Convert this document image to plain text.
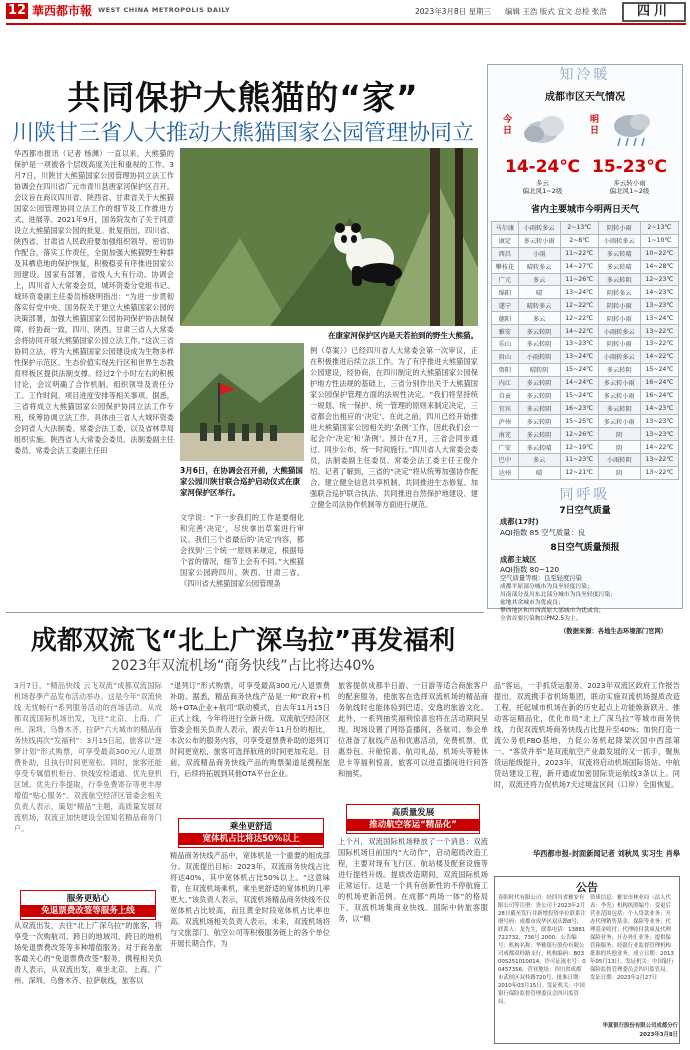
12 華西都市報 WEST CHINA METROPOLIS DAILY	2023年3月8日 星期三 编辑 王浩 版式 宜文 总检 张浩	四川
共同保护大熊猫的“家”
川陕甘三省人大推动大熊猫国家公园管理协同立
华西都市报讯（记者 杨渊）一直以来，大熊猫的保护是一项被各个层级高度关注和重视的工作。3月7日，川陕甘大熊猫国家公园管理协同立法工作协调会在四川省广元市青川县唐家河保护区召开。会议旨在商议四川省、陕西省、甘肃省关于大熊猫国家公园管理协同立法工作的细节及工作推进方式、进展等。2021年9月，国务院发布了关于同意设立大熊猫国家公园的批复。批复指出，四川省、陕西省、甘肃省人民政府要加强组织领导，密切协作配合，落实工作责任，全面加强大熊猫野生种群及其栖息地的保护恢复，积极稳妥有序推进国家公园建设。国家有部署，省级人大有行动。协调会上，四川省人大常委会员，城环资委分党组书记、城环资委副主任委员杨晓明指出：“为进一步贯彻落实好党中央、国务院关于建立大熊猫国家公园的决策部署，加强大熊猫国家公园协同保护协法制保障，经协商一致，四川、陕西、甘肃三省人大常委会将协同开展大熊猫国家公园立法工作。”这次三省协同立法，将为大熊猫国家公园建设成为生物多样性保护示范区、生态价值实现先行区和世界生态教育样板区提供法制支撑。经过2个小时左右的积极讨论，会议明确了合作机制、组织领导及责任分工、工作时间、项目进度安排等相关事项。据悉，三省将成立大熊猫国家公园保护协同立法工作专班，统筹协调立法工作。具体由三省人大城环资委会同省人大法制委、常委会法工委，以及省林草局组织实施。陕西省人大常委会委员、法制委副主任委员、常委会法工委副主任田
在康家河保护区内是天若拍到的野生大熊猫。
3月6日，在协调会召开前，大熊猫国家公园川陕甘联合巡护启动仪式在康家河保护区举行。
文学说：“下一步我们的工作是要细化和完善‘决定’，尽快拿出草案进行审议。我们三个省最后的‘决定’内容，都会找到‘三个统一’原则来规定，根据每个省的情况，细节上会有不同。”大熊猫国家公园跨四川、陕西、甘肃三省。《四川省大熊猫国家公园管理条
例（草案）》已经四川省人大常委会第一次审议，正在积极推进后续立法工作。为了有序推进大熊猫国家公园建设，经协商，在四川制定的大熊猫国家公园保护地方性法规的基础上，三省分别作出关于大熊猫国家公园保护管理方面的法规性决定。“我们将坚持统一规划、统一保护、统一管理的原则来制定决定，三省都会出相应的‘决定’。在此之前，四川已经开始推进大熊猫国家公园相关的‘条例’工作，因此我们会一起会介‘决定’和‘条例’。预计在7月，三省会同步通过、同步公布，统一时间施行。”四川省人大常委会委员，法制委副主任委员、常委会法工委主任王俊介绍。记者了解到，三省的“决定”将从统筹加强协作配合、建立健全信息共享机制、共同推进生态修复、加强联合巡护联合执法、共同推进自然保护地建设、建立健全司法协作机制等方面进行规范。
知冷暖
成都市区天气情况
今日
明日
14-24℃ 15-23℃
多云
偏北风1~2级
多云转小雨
偏北风1~2级
省内主要城市今明两日天气
马尔康	小雨转多云	2~13℃	阴转小雨	2~13℃
康定	多云转小雨	2~8℃	小雨转多云	1~10℃
西昌	小雨	11~22℃	多云转晴	10~22℃
攀枝花	晴转多云	14~27℃	多云转晴	14~28℃
广元	多云	11~26℃	多云转阴	12~23℃
绵阳	晴	13~24℃	阴转多云	14~23℃
遂宁	晴转多云	12~22℃	阴转小雨	13~23℃
德阳	多云	12~22℃	阴转小雨	13~24℃
雅安	多云转阴	14~22℃	小雨转多云	13~22℃
乐山	多云转阴	13~23℃	阴转小雨	13~22℃
眉山	小雨转阴	13~24℃	小雨转多云	14~22℃
资阳	晴转阴	15~24℃	多云转阴	15~24℃
内江	多云转阴	14~24℃	多云转小雨	16~24℃
自贡	多云转阴	15~24℃	多云转小雨	16~24℃
宜宾	多云转阴	16~23℃	多云转阴	14~23℃
泸州	多云转阴	15~25℃	多云转小雨	13~23℃
南充	多云转阴	12~26℃	阴	13~23℃
广安	多云转晴	12~19℃	阴	14~22℃
巴中	多云	11~23℃	小雨转阴	13~22℃
达州	晴	12~21℃	阴	13~22℃
同呼吸
7日空气质量
成都(17时)
AQI指数 85 空气质量：良
8日空气质量预报
成都主城区
AQI指数 80~120
空气质量等级：良至轻度污染
成都平原部分城市为良至轻度污染；
川南部分及川东北部分城市为良至轻度污染；
盆地其余城市为优或良；
攀西地区和川西高原大部城市为优或良；
全省首要污染物以PM2.5为主。
（数据来源：各地生态环境部门官网）
成都双流飞“北上广深乌拉”再发福利
2023年双流机场“商务快线”占比将达40%
3月7日，“精品快线 云飞双流”成都双流国际机场春季产品发布活动举办。这是今年“双流快线 无忧畅行”系列服务活动的首场活动。从成都双流国际机场出发，飞往“北京、上海、广州、深圳、乌鲁木齐、拉萨”六大城市的精品商务快线再次“发福利”：3月15日起，旅客以“逐梦计划”形式购票，可享受最高300元/人退票费补助，且执行时间更宽松。同时，旅客还能享受专属值机柜台、快线安检通道、优先登机区域、优先行李提取，行李免费寄存等更丰厚增值“贴心服务”。双流航空经济区管委会相关负责人表示，策划“精品”主题，高质量发展双流机场，双流正加快建设全国知名精品商务门户。
服务更贴心
免退票费改签等服务上线
从双流出发，去往“北上广深乌拉”的旅客，将享受一次购航司、跨日的地域司、跨日的地机场免退票费改签等多种增值服务。对于商务旅客最关心的“免退票费改签”服务，携程相关负责人表示，从双流出发，乘坐北京、上海、广州、深圳、乌鲁木齐、拉萨航线，旅客以
“退列订”形式购票，可享受最高300元/人退票费补助。据悉，精品商务快线产品是一种“政府+机场+OTA企业+航司”联动模式，自去年11月15日正式上线，今年将进行全新升级。双流航空经济区管委会相关负责人表示，跟去年11月份的相比，本次公布的服务内容，可享受退票费补助的退列订时间更宽松，旅客可选择航班的时间更加充足。目前，双流精品商务快线产品的购票渠道是携程旅行，后续将拓展到其他OTA平台企业。
乘坐更舒适
宽体机占比将达50%以上
精品商务快线产品中，宽体机是一个重要的组成部分。双流提出目标：2023年，双流商务快线占比将达40%，其中宽体机占比50%以上。“这意味着，在双流机场乘机，乘坐更舒适的宽体机的几率更大。”该负责人表示，双流机场精品商务快线不仅宽体机占比较高，而且黄金时段宽体机占比率也高。双流机场相关负责人表示，未来，双流机场将与文旅部门、航空公司等积极服务链上的各个单位开展长期合作，为
旅客提供成都半日游、一日游等适合商旅客户的配套服务，使旅客在选择双流机场的精品商务航线时也能体验到巴适、安逸的旅游文化。此外，一系列抽奖福利惊喜也将在活动期间呈现。现场设置了网络直播间，各航司、参会单位准备了航线产品和优惠活动，免费机票、优惠券包、升舱惊喜、航司礼品、机场头等舱休息卡等福利惊喜，旅客可以进直播间进行问答和抽奖。
高质量发展
推动航空客运“精品化”
上个月，双流国际机场释放了一个消息：双流国际机场目前国内“大动作”，启动超质改造工程，主要对现有飞行区、航站楼及配套设施等进行提档升级。提质改造期间，双流国际机场正常运行。这是一个具有创新性的不停航施工的机场更新范例。在成都“两场一体”的格局下，双流机场集商业快线、国际中转旅客服务，以“精
品”客运，一手抓货运服务。2023年双流区政府工作报告提出，双流携手省机场集团，联动实施双流机场提质改造工程，托起城市机场在新的历史起点上功能焕新跃升。推动客运精品化，优化布局“北上广深乌拉”等城市商务快线，力促双流机场商务快线占比提升至40%；加快打造一流公务机FBO基地，力促公务机起降架次国中西部第一。“客货并举”是双流航空产业最发展的又一抓手，聚焦货运能级提升，2023年，双流将启动机场国际货站、中航货站建设工程，新开通或加密国际货运航线3条以上。同时，双流还将力促机场7天过境盆区间（口岸）全面恢复。
华西都市报-封面新闻记者 刘秋凤 实习生 肖皋
公告
春阳时代有限公司：经四川省雅安有限公司等注册：贵公司于2023年2月28日截至发行并新增投资单位联系注册号码：成都市成华区双庆路8号，联系人：龙先生，联系电话：13881722732、736号 2000。公告编号：机构名称：华雅银行股份有限公司成都双桂路支行，机构编码：B0300S251010014，许可证流水号：00457356，营业地址：四川省成都市武侯区双桂路720号，批准日期：2010年03月15日。发证机关：中国银行保险监督管理委员会四川监管局。
资质信息：雅安市林业局（法人代表：李光）机构执照编号：变更后营业范围包括：个人贷款业务；开办代理销售基金、保险等业务；代理基金收付；代理收付款项及代理保险业务；开办外汇业务；提供保管箱服务；经银行业监督管理机构批准的其他业务。成立日期：2013年05月13日。发证机关：中国银行保险监督管理委员会四川监管局。发证日期：2023年2月27日
华夏银行股份有限公司成都分行
2023年3月8日
